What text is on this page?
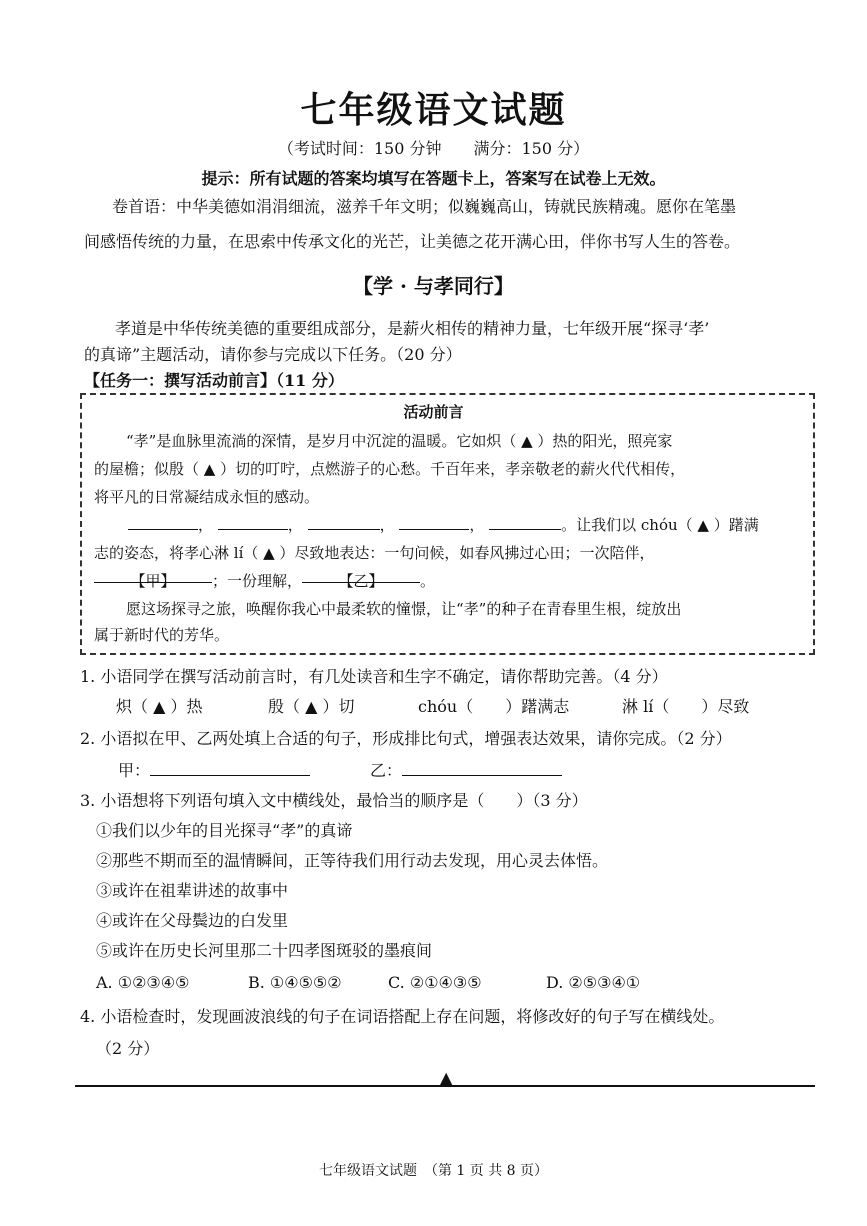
七年级语文试题
（考试时间：150 分钟　　满分：150 分）
提示：所有试题的答案均填写在答题卡上，答案写在试卷上无效。
卷首语：中华美德如涓涓细流，滋养千年文明；似巍巍高山，铸就民族精魂。愿你在笔墨
间感悟传统的力量，在思索中传承文化的光芒，让美德之花开满心田，伴你书写人生的答卷。
【学 · 与孝同行】
孝道是中华传统美德的重要组成部分，是薪火相传的精神力量，七年级开展“探寻‘孝’
的真谛”主题活动，请你参与完成以下任务。（20 分）
【任务一：撰写活动前言】（11 分）
活动前言
“孝”是血脉里流淌的深情，是岁月中沉淀的温暖。它如炽（ ▲ ）热的阳光，照亮家
的屋檐；似殷（ ▲ ）切的叮咛，点燃游子的心愁。千百年来，孝亲敬老的薪火代代相传，
将平凡的日常凝结成永恒的感动。
，	，	，	，	。让我们以 chóu（ ▲ ）躇满
志的姿态，将孝心淋 lí（ ▲ ）尽致地表达：一句问候，如春风拂过心田；一次陪伴，
【甲】 ；一份理解， 【乙】 。
愿这场探寻之旅，唤醒你我心中最柔软的憧憬，让“孝”的种子在青春里生根，绽放出
属于新时代的芳华。
1. 小语同学在撰写活动前言时，有几处读音和生字不确定，请你帮助完善。（4 分）
炽（ ▲ ）热	殷（ ▲ ）切	chóu（　　）躇满志	淋 lí（　　）尽致
2. 小语拟在甲、乙两处填上合适的句子，形成排比句式，增强表达效果，请你完成。（2 分）
甲：	乙：
3. 小语想将下列语句填入文中横线处，最恰当的顺序是（　　）（3 分）
①我们以少年的目光探寻“孝”的真谛
②那些不期而至的温情瞬间，正等待我们用行动去发现，用心灵去体悟。
③或许在祖辈讲述的故事中
④或许在父母鬓边的白发里
⑤或许在历史长河里那二十四孝图斑驳的墨痕间
A. ①②③④⑤	B. ①④⑤⑤②	C. ②①④③⑤	D. ②⑤③④①
4. 小语检查时，发现画波浪线的句子在词语搭配上存在问题，将修改好的句子写在横线处。
（2 分）
▲
七年级语文试题　（第 1 页 共 8 页）
